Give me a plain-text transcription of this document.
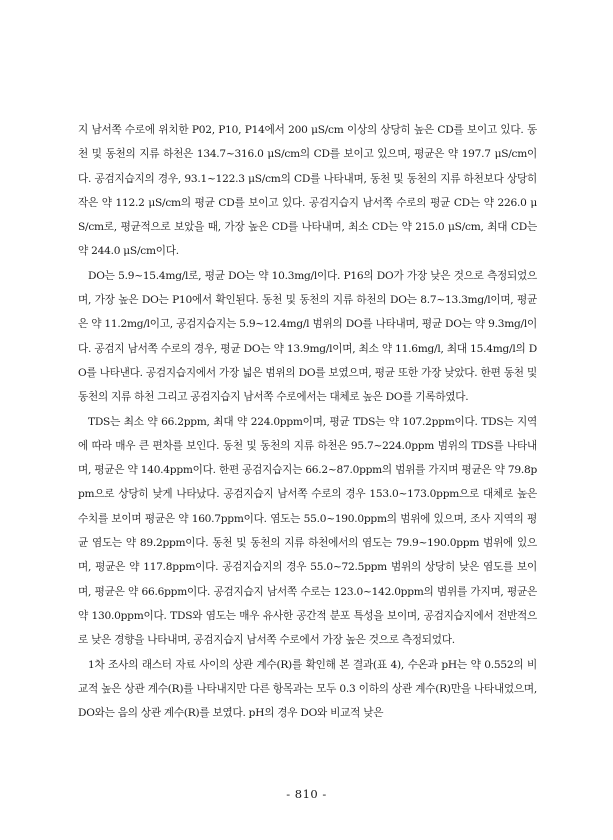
지 남서쪽 수로에 위치한 P02, P10, P14에서 200 μS/cm 이상의 상당히 높은 CD를 보이고 있다. 동천 및 동천의 지류 하천은 134.7~316.0 μS/cm의 CD를 보이고 있으며, 평균은 약 197.7 μS/cm이다. 공검지습지의 경우, 93.1~122.3 μS/cm의 CD를 나타내며, 동천 및 동천의 지류 하천보다 상당히 작은 약 112.2 μS/cm의 평균 CD를 보이고 있다. 공검지습지 남서쪽 수로의 평균 CD는 약 226.0 μS/cm로, 평균적으로 보았을 때, 가장 높은 CD를 나타내며, 최소 CD는 약 215.0 μS/cm, 최대 CD는 약 244.0 μS/cm이다.

DO는 5.9~15.4mg/l로, 평균 DO는 약 10.3mg/l이다. P16의 DO가 가장 낮은 것으로 측정되었으며, 가장 높은 DO는 P10에서 확인된다. 동천 및 동천의 지류 하천의 DO는 8.7~13.3mg/l이며, 평균은 약 11.2mg/l이고, 공검지습지는 5.9~12.4mg/l 범위의 DO를 나타내며, 평균 DO는 약 9.3mg/l이다. 공검지 남서쪽 수로의 경우, 평균 DO는 약 13.9mg/l이며, 최소 약 11.6mg/l, 최대 15.4mg/l의 DO를 나타낸다. 공검지습지에서 가장 넓은 범위의 DO를 보였으며, 평균 또한 가장 낮았다. 한편 동천 및 동천의 지류 하천 그리고 공검지습지 남서쪽 수로에서는 대체로 높은 DO를 기록하였다.

TDS는 최소 약 66.2ppm, 최대 약 224.0ppm이며, 평균 TDS는 약 107.2ppm이다. TDS는 지역에 따라 매우 큰 편차를 보인다. 동천 및 동천의 지류 하천은 95.7~224.0ppm 범위의 TDS를 나타내며, 평균은 약 140.4ppm이다. 한편 공검지습지는 66.2~87.0ppm의 범위를 가지며 평균은 약 79.8ppm으로 상당히 낮게 나타났다. 공검지습지 남서쪽 수로의 경우 153.0~173.0ppm으로 대체로 높은 수치를 보이며 평균은 약 160.7ppm이다. 염도는 55.0~190.0ppm의 범위에 있으며, 조사 지역의 평균 염도는 약 89.2ppm이다. 동천 및 동천의 지류 하천에서의 염도는 79.9~190.0ppm 범위에 있으며, 평균은 약 117.8ppm이다. 공검지습지의 경우 55.0~72.5ppm 범위의 상당히 낮은 염도를 보이며, 평균은 약 66.6ppm이다. 공검지습지 남서쪽 수로는 123.0~142.0ppm의 범위를 가지며, 평균은 약 130.0ppm이다. TDS와 염도는 매우 유사한 공간적 분포 특성을 보이며, 공검지습지에서 전반적으로 낮은 경향을 나타내며, 공검지습지 남서쪽 수로에서 가장 높은 것으로 측정되었다.

1차 조사의 래스터 자료 사이의 상관 계수(R)를 확인해 본 결과(표 4), 수온과 pH는 약 0.552의 비교적 높은 상관 계수(R)를 나타내지만 다른 항목과는 모두 0.3 이하의 상관 계수(R)만을 나타내었으며, DO와는 음의 상관 계수(R)를 보였다. pH의 경우 DO와 비교적 낮은

- 810 -
